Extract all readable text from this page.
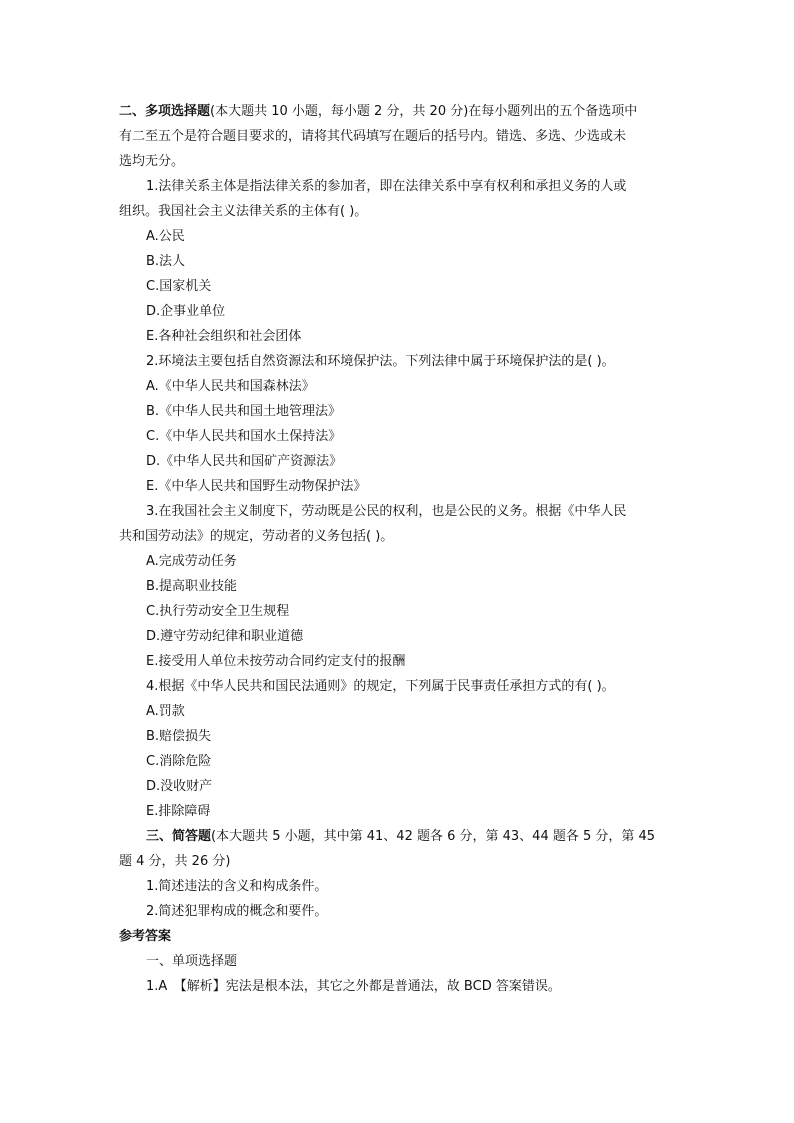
二、多项选择题(本大题共 10 小题，每小题 2 分，共 20 分)在每小题列出的五个备选项中
有二至五个是符合题目要求的，请将其代码填写在题后的括号内。错选、多选、少选或未
选均无分。
1.法律关系主体是指法律关系的参加者，即在法律关系中享有权利和承担义务的人或
组织。我国社会主义法律关系的主体有( )。
A.公民
B.法人
C.国家机关
D.企事业单位
E.各种社会组织和社会团体
2.环境法主要包括自然资源法和环境保护法。下列法律中属于环境保护法的是( )。
A.《中华人民共和国森林法》
B.《中华人民共和国土地管理法》
C.《中华人民共和国水土保持法》
D.《中华人民共和国矿产资源法》
E.《中华人民共和国野生动物保护法》
3.在我国社会主义制度下，劳动既是公民的权利，也是公民的义务。根据《中华人民
共和国劳动法》的规定，劳动者的义务包括( )。
A.完成劳动任务
B.提高职业技能
C.执行劳动安全卫生规程
D.遵守劳动纪律和职业道德
E.接受用人单位未按劳动合同约定支付的报酬
4.根据《中华人民共和国民法通则》的规定，下列属于民事责任承担方式的有( )。
A.罚款
B.赔偿损失
C.消除危险
D.没收财产
E.排除障碍
三、简答题(本大题共 5 小题，其中第 41、42 题各 6 分，第 43、44 题各 5 分，第 45
题 4 分，共 26 分)
1.简述违法的含义和构成条件。
2.简述犯罪构成的概念和要件。
参考答案
一、单项选择题
1.A　【解析】宪法是根本法，其它之外都是普通法，故 BCD 答案错误。
